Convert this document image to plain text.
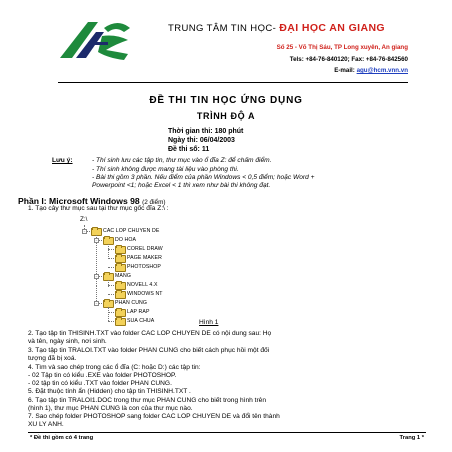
TRUNG TÂM TIN HỌC- ĐẠI HỌC AN GIANG
Số 25 - Võ Thị Sáu, TP Long xuyên, An giang
Tels: +84-76-840120; Fax: +84-76-842560
E-mail: agu@hcm.vnn.vn
ĐỀ THI TIN HỌC ỨNG DỤNG
TRÌNH ĐỘ A
Thời gian thi: 180 phút
Ngày thi: 06/04/2003
Đề thi số: 11
Lưu ý:	- Thí sinh lưu các tập tin, thư mục vào ổ đĩa Z: để chấm điểm.
- Thí sinh không được mang tài liệu vào phòng thi.
- Bài thi gồm 3 phần. Nếu điểm của phần Windows < 0,5 điểm; hoặc Word +
Powerpoint <1; hoặc Excel < 1 thì xem như bài thi không đạt.
Phần I: Microsoft Windows 98 (2 điểm)
1. Tạo cây thư mục sau tại thư mục gốc đĩa Z:\ :
Z:\
−	CAC LOP CHUYEN DE
−	DO HOA
COREL DRAW
PAGE MAKER
PHOTOSHOP
−	MANG
NOVELL 4.X
WINDOWS NT
−	PHAN CUNG
LAP RAP
SUA CHUA	Hình 1
2. Tạo tập tin THISINH.TXT vào folder CAC LOP CHUYEN DE có nội dung sau: Họ
và tên, ngày sinh, nơi sinh.
3. Tạo tập tin TRALOI.TXT vào folder PHAN CUNG cho biết cách phục hồi một đối
tượng đã bị xoá.
4. Tìm và sao chép trong các ổ đĩa (C: hoặc D:) các tập tin:
- 02 Tập tin có kiểu .EXE vào folder PHOTOSHOP.
- 02 tập tin có kiểu .TXT vào folder PHAN CUNG.
5. Đặt thuộc tính ẩn (Hidden) cho tập tin THISINH.TXT .
6. Tạo tập tin TRALOI1.DOC trong thư mục PHAN CUNG cho biết trong hình trên
(hình 1), thư mục PHAN CUNG là con của thư mục nào.
7. Sao chép folder PHOTOSHOP sang folder CAC LOP CHUYEN DE và đổi tên thành
XU LY ANH.
* Đề thi gồm có 4 trang	Trang 1 *
